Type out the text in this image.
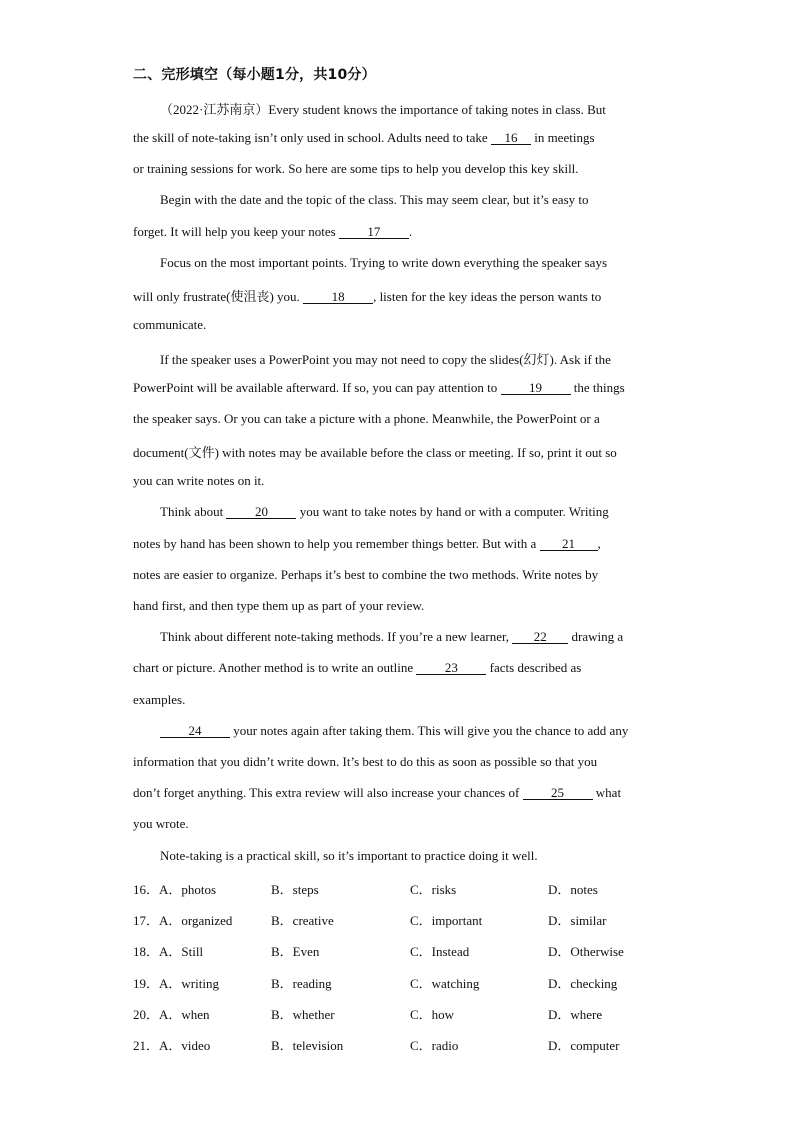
二、完形填空（每小题1分，共10分）
（2022·江苏南京）Every student knows the importance of taking notes in class. But
the skill of note-taking isn’t only used in school. Adults need to take 16 in meetings
or training sessions for work. So here are some tips to help you develop this key skill.
Begin with the date and the topic of the class. This may seem clear, but it’s easy to
forget. It will help you keep your notes 17 .
Focus on the most important points. Trying to write down everything the speaker says
will only frustrate(使沮丧) you. 18 , listen for the key ideas the person wants to
communicate.
If the speaker uses a PowerPoint you may not need to copy the slides(幻灯). Ask if the
PowerPoint will be available afterward. If so, you can pay attention to 19 the things
the speaker says. Or you can take a picture with a phone. Meanwhile, the PowerPoint or a
document(文件) with notes may be available before the class or meeting. If so, print it out so
you can write notes on it.
Think about 20 you want to take notes by hand or with a computer. Writing
notes by hand has been shown to help you remember things better. But with a 21 ,
notes are easier to organize. Perhaps it’s best to combine the two methods. Write notes by
hand first, and then type them up as part of your review.
Think about different note-taking methods. If you’re a new learner, 22 drawing a
chart or picture. Another method is to write an outline 23 facts described as
examples.
24 your notes again after taking them. This will give you the chance to add any
information that you didn’t write down. It’s best to do this as soon as possible so that you
don’t forget anything. This extra review will also increase your chances of 25 what
you wrote.
Note-taking is a practical skill, so it’s important to practice doing it well.
16．A．photos	B．steps	C．risks	D．notes
17．A．organized	B．creative	C．important	D．similar
18．A．Still	B．Even	C．Instead	D．Otherwise
19．A．writing	B．reading	C．watching	D．checking
20．A．when	B．whether	C．how	D．where
21．A．video	B．television	C．radio	D．computer
